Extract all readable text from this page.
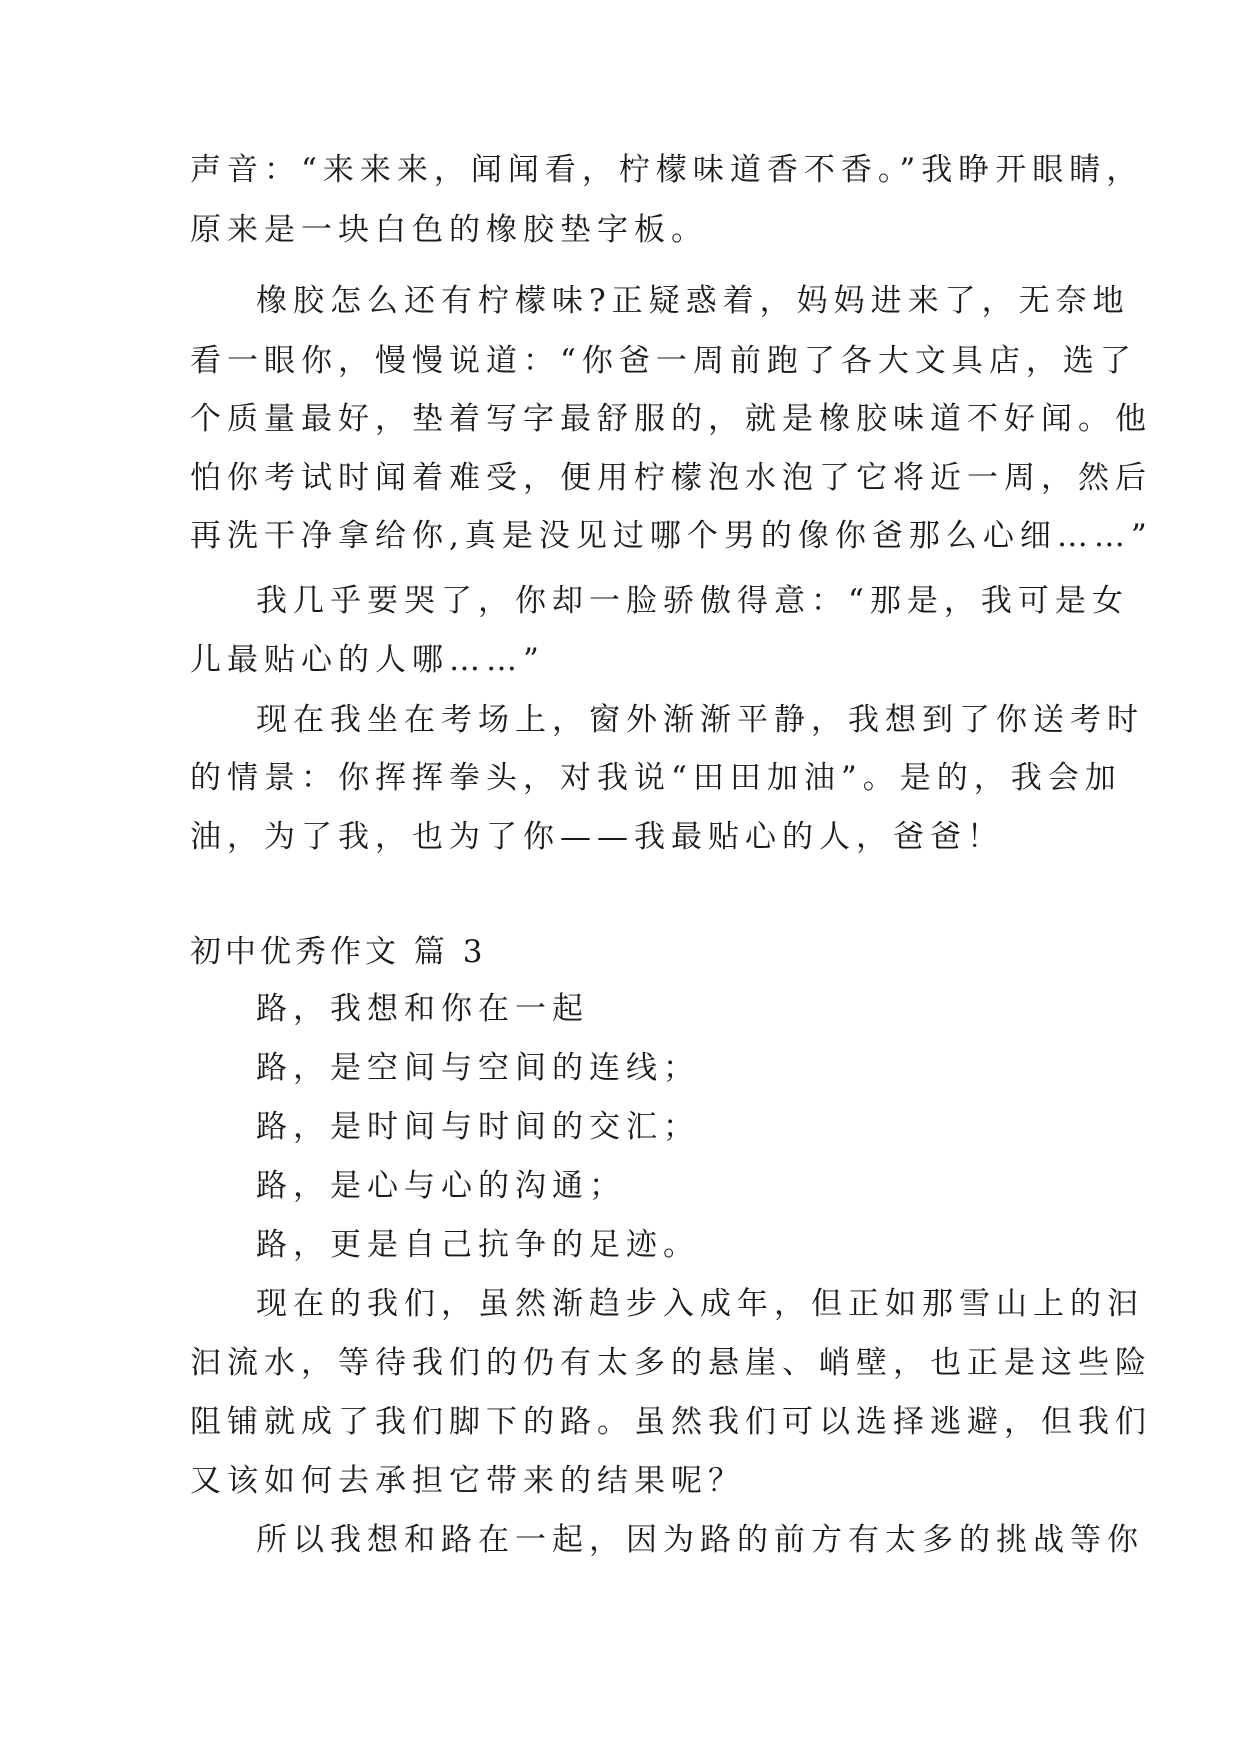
声音：“来来来，闻闻看，柠檬味道香不香。”我睁开眼睛，
原来是一块白色的橡胶垫字板。
橡胶怎么还有柠檬味?正疑惑着，妈妈进来了，无奈地
看一眼你，慢慢说道：“你爸一周前跑了各大文具店，选了
个质量最好，垫着写字最舒服的，就是橡胶味道不好闻。他
怕你考试时闻着难受，便用柠檬泡水泡了它将近一周，然后
再洗干净拿给你,真是没见过哪个男的像你爸那么心细……”
我几乎要哭了，你却一脸骄傲得意：“那是，我可是女
儿最贴心的人哪……”
现在我坐在考场上，窗外渐渐平静，我想到了你送考时
的情景：你挥挥拳头，对我说“田田加油”。是的，我会加
油，为了我，也为了你——我最贴心的人，爸爸！
初中优秀作文 篇 3
路，我想和你在一起
路，是空间与空间的连线；
路，是时间与时间的交汇；
路，是心与心的沟通；
路，更是自己抗争的足迹。
现在的我们，虽然渐趋步入成年，但正如那雪山上的汩
汩流水，等待我们的仍有太多的悬崖、峭壁，也正是这些险
阻铺就成了我们脚下的路。虽然我们可以选择逃避，但我们
又该如何去承担它带来的结果呢？
所以我想和路在一起，因为路的前方有太多的挑战等你
